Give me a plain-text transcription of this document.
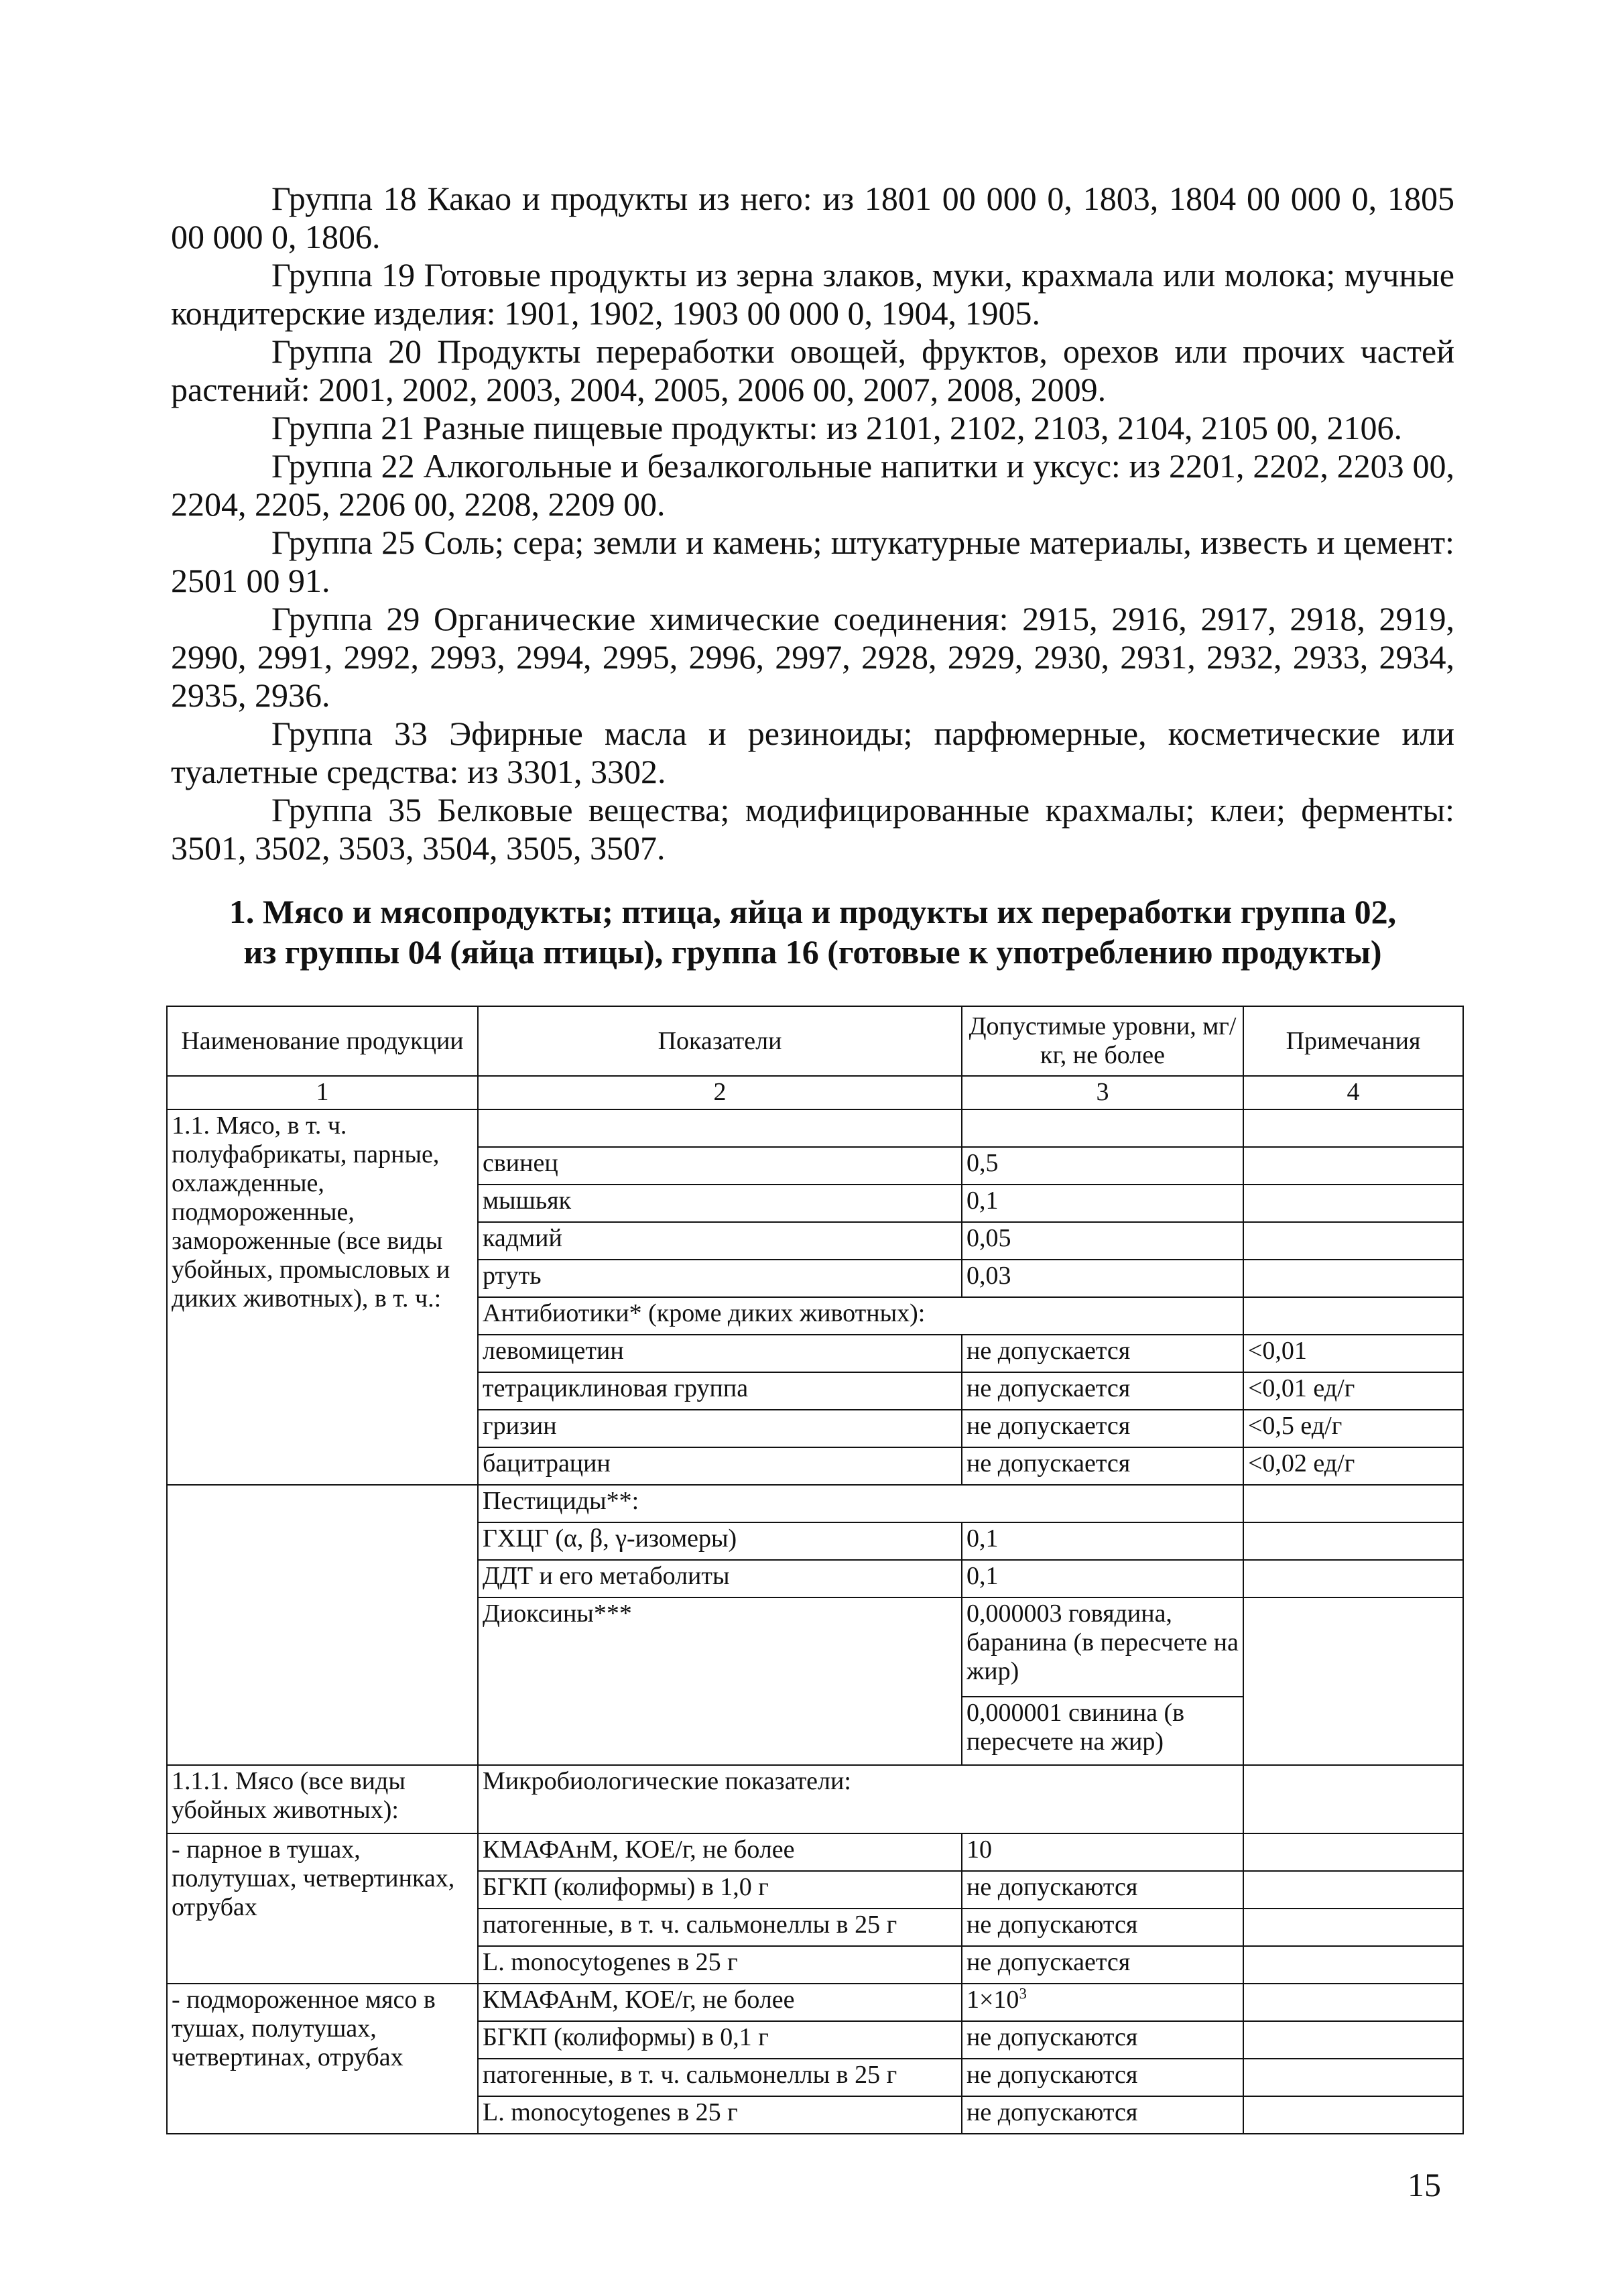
Группа 18 Какао и продукты из него: из 1801 00 000 0, 1803, 1804 00 000 0, 1805 00 000 0, 1806.

Группа 19 Готовые продукты из зерна злаков, муки, крахмала или молока; мучные кондитерские изделия: 1901, 1902, 1903 00 000 0, 1904, 1905.

Группа 20 Продукты переработки овощей, фруктов, орехов или прочих частей растений: 2001, 2002, 2003, 2004, 2005, 2006 00, 2007, 2008, 2009.

Группа 21 Разные пищевые продукты: из 2101, 2102, 2103, 2104, 2105 00, 2106.

Группа 22 Алкогольные и безалкогольные напитки и уксус: из 2201, 2202, 2203 00, 2204, 2205, 2206 00, 2208, 2209 00.

Группа 25 Соль; сера; земли и камень; штукатурные материалы, известь и цемент: 2501 00 91.

Группа 29 Органические химические соединения: 2915, 2916, 2917, 2918, 2919, 2990, 2991, 2992, 2993, 2994, 2995, 2996, 2997, 2928, 2929, 2930, 2931, 2932, 2933, 2934, 2935, 2936.

Группа 33 Эфирные масла и резиноиды; парфюмерные, косметические или туалетные средства: из 3301, 3302.

Группа 35 Белковые вещества; модифицированные крахмалы; клеи; ферменты: 3501, 3502, 3503, 3504, 3505, 3507.

1. Мясо и мясопродукты; птица, яйца и продукты их переработки группа 02,
из группы 04 (яйца птицы), группа 16 (готовые к употреблению продукты)
Наименование продукции	Показатели	Допустимые уровни, мг/кг, не более	Примечания
1	2	3	4
1.1. Мясо, в т. ч. полуфабрикаты, парные, охлажденные, подмороженные, замороженные (все виды убойных, промысловых и диких животных), в т. ч.:			
	свинец	0,5	
	мышьяк	0,1	
	кадмий	0,05	
	ртуть	0,03	
	Антибиотики* (кроме диких животных):		
	левомицетин	не допускается	<0,01
	тетрациклиновая группа	не допускается	<0,01 ед/г
	гризин	не допускается	<0,5 ед/г
	бацитрацин	не допускается	<0,02 ед/г
	Пестициды**:		
	ГХЦГ (α, β, γ-изомеры)	0,1	
	ДДТ и его метаболиты	0,1	
	Диоксины***	0,000003 говядина, баранина (в пересчете на жир)	
		0,000001 свинина (в пересчете на жир)	
1.1.1. Мясо (все виды убойных животных):	Микробиологические показатели:		
- парное в тушах, полутушах, четвертинках, отрубах	КМАФАнМ, КОЕ/г, не более	10	
	БГКП (колиформы) в 1,0 г	не допускаются	
	патогенные, в т. ч. сальмонеллы в 25 г	не допускаются	
	L. monocytogenes в 25 г	не допускается	
- подмороженное мясо в тушах, полутушах, четвертинах, отрубах	КМАФАнМ, КОЕ/г, не более	$1\times 10^3$	
	БГКП (колиформы) в 0,1 г	не допускаются	
	патогенные, в т. ч. сальмонеллы в 25 г	не допускаются	
	L. monocytogenes в 25 г	не допускаются	
15
